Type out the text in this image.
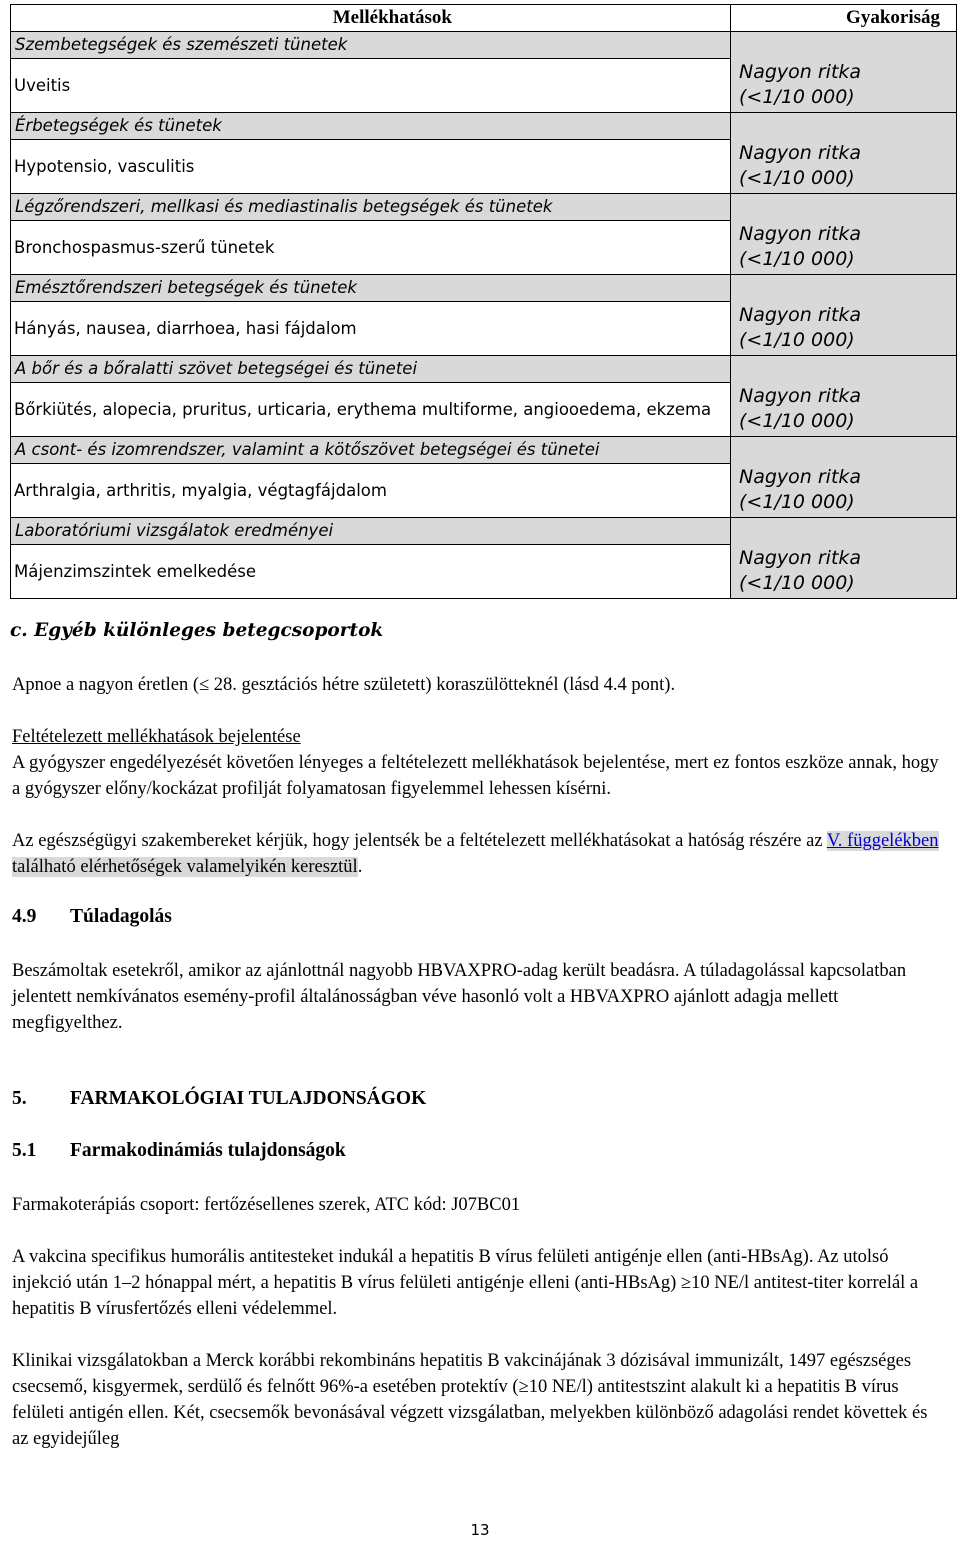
Mellékhatások	Gyakoriság
Szembetegségek és szemészeti tünetek	Nagyon ritka
(<1/10 000)

Uveitis	
Érbetegségek és tünetek	Nagyon ritka
(<1/10 000)

Hypotensio, vasculitis	
Légzőrendszeri, mellkasi és mediastinalis betegségek és tünetek	Nagyon ritka
(<1/10 000)

Bronchospasmus-szerű tünetek	
Emésztőrendszeri betegségek és tünetek	Nagyon ritka
(<1/10 000)

Hányás, nausea, diarrhoea, hasi fájdalom	
A bőr és a bőralatti szövet betegségei és tünetei	Nagyon ritka
(<1/10 000)

Bőrkiütés, alopecia, pruritus, urticaria, erythema multiforme, angiooedema, ekzema	
A csont- és izomrendszer, valamint a kötőszövet betegségei és tünetei	Nagyon ritka
(<1/10 000)

Arthralgia, arthritis, myalgia, végtagfájdalom	
Laboratóriumi vizsgálatok eredményei	Nagyon ritka
(<1/10 000)

Májenzimszintek emelkedése	
c. Egyéb különleges betegcsoportok
Apnoe a nagyon éretlen (≤ 28. gesztációs hétre született) koraszülötteknél (lásd 4.4 pont).
Feltételezett mellékhatások bejelentése
A gyógyszer engedélyezését követően lényeges a feltételezett mellékhatások bejelentése, mert ez fontos eszköze annak, hogy a gyógyszer előny/kockázat profilját folyamatosan figyelemmel lehessen kísérni.
Az egészségügyi szakembereket kérjük, hogy jelentsék be a feltételezett mellékhatásokat a hatóság részére az V. függelékben található elérhetőségek valamelyikén keresztül.
4.9 Túladagolás
Beszámoltak esetekről, amikor az ajánlottnál nagyobb HBVAXPRO-adag került beadásra. A túladagolással kapcsolatban jelentett nemkívánatos esemény-profil általánosságban véve hasonló volt a HBVAXPRO ajánlott adagja mellett megfigyelthez.
5. FARMAKOLÓGIAI TULAJDONSÁGOK
5.1 Farmakodinámiás tulajdonságok
Farmakoterápiás csoport: fertőzésellenes szerek, ATC kód: J07BC01
A vakcina specifikus humorális antitesteket indukál a hepatitis B vírus felületi antigénje ellen (anti-HBsAg). Az utolsó injekció után 1–2 hónappal mért, a hepatitis B vírus felületi antigénje elleni (anti-HBsAg) ≥10 NE/l antitest-titer korrelál a hepatitis B vírusfertőzés elleni védelemmel.
Klinikai vizsgálatokban a Merck korábbi rekombináns hepatitis B vakcinájának 3 dózisával immunizált, 1497 egészséges csecsemő, kisgyermek, serdülő és felnőtt 96%-a esetében protektív (≥10 NE/l) antitestszint alakult ki a hepatitis B vírus felületi antigén ellen. Két, csecsemők bevonásával végzett vizsgálatban, melyekben különböző adagolási rendet követtek és az egyidejűleg
13
